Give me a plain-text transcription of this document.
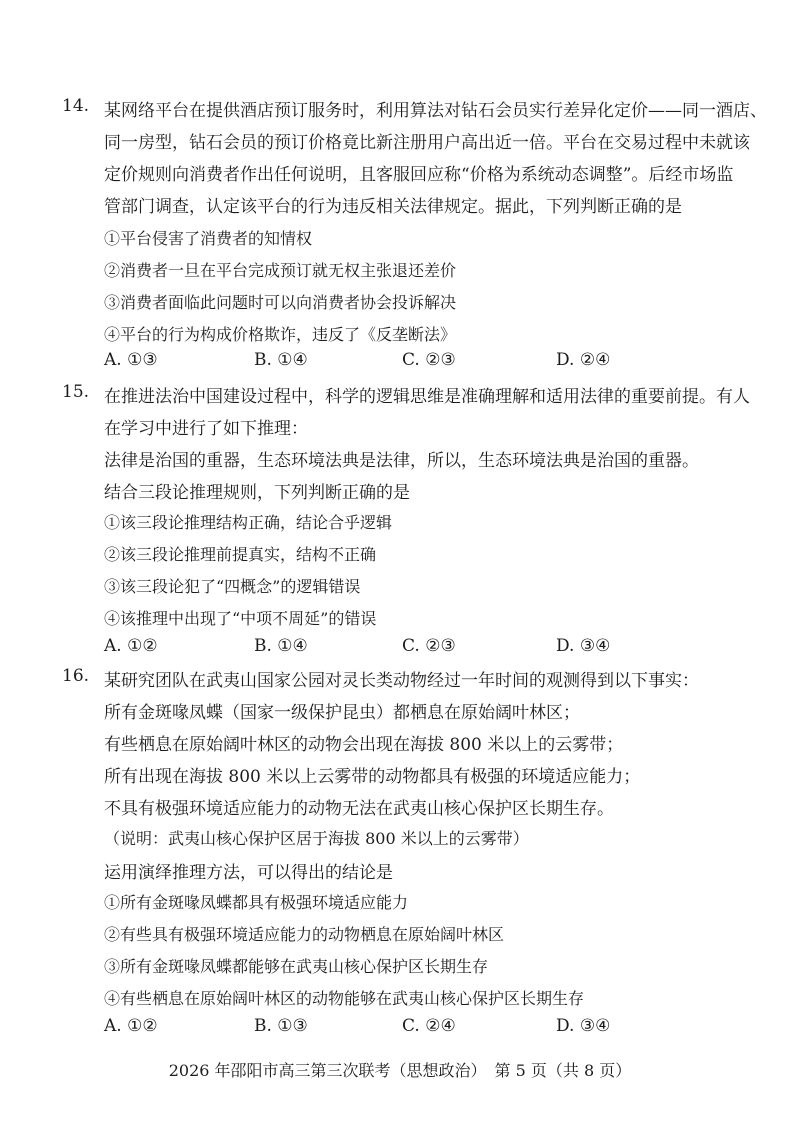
14. 某网络平台在提供酒店预订服务时，利用算法对钻石会员实行差异化定价——同一酒店、
同一房型，钻石会员的预订价格竟比新注册用户高出近一倍。平台在交易过程中未就该
定价规则向消费者作出任何说明，且客服回应称“价格为系统动态调整”。后经市场监
管部门调查，认定该平台的行为违反相关法律规定。据此，下列判断正确的是
①平台侵害了消费者的知情权
②消费者一旦在平台完成预订就无权主张退还差价
③消费者面临此问题时可以向消费者协会投诉解决
④平台的行为构成价格欺诈，违反了《反垄断法》
A. ①③	B. ①④	C. ②③	D. ②④
15. 在推进法治中国建设过程中，科学的逻辑思维是准确理解和适用法律的重要前提。有人
在学习中进行了如下推理：
法律是治国的重器，生态环境法典是法律，所以，生态环境法典是治国的重器。
结合三段论推理规则，下列判断正确的是
①该三段论推理结构正确，结论合乎逻辑
②该三段论推理前提真实，结构不正确
③该三段论犯了“四概念”的逻辑错误
④该推理中出现了“中项不周延”的错误
A. ①②	B. ①④	C. ②③	D. ③④
16. 某研究团队在武夷山国家公园对灵长类动物经过一年时间的观测得到以下事实：
所有金斑喙凤蝶（国家一级保护昆虫）都栖息在原始阔叶林区；
有些栖息在原始阔叶林区的动物会出现在海拔 800 米以上的云雾带；
所有出现在海拔 800 米以上云雾带的动物都具有极强的环境适应能力；
不具有极强环境适应能力的动物无法在武夷山核心保护区长期生存。
（说明：武夷山核心保护区居于海拔 800 米以上的云雾带）
运用演绎推理方法，可以得出的结论是
①所有金斑喙凤蝶都具有极强环境适应能力
②有些具有极强环境适应能力的动物栖息在原始阔叶林区
③所有金斑喙凤蝶都能够在武夷山核心保护区长期生存
④有些栖息在原始阔叶林区的动物能够在武夷山核心保护区长期生存
A. ①②	B. ①③	C. ②④	D. ③④
2026 年邵阳市高三第三次联考（思想政治）　第 5 页（共 8 页）
